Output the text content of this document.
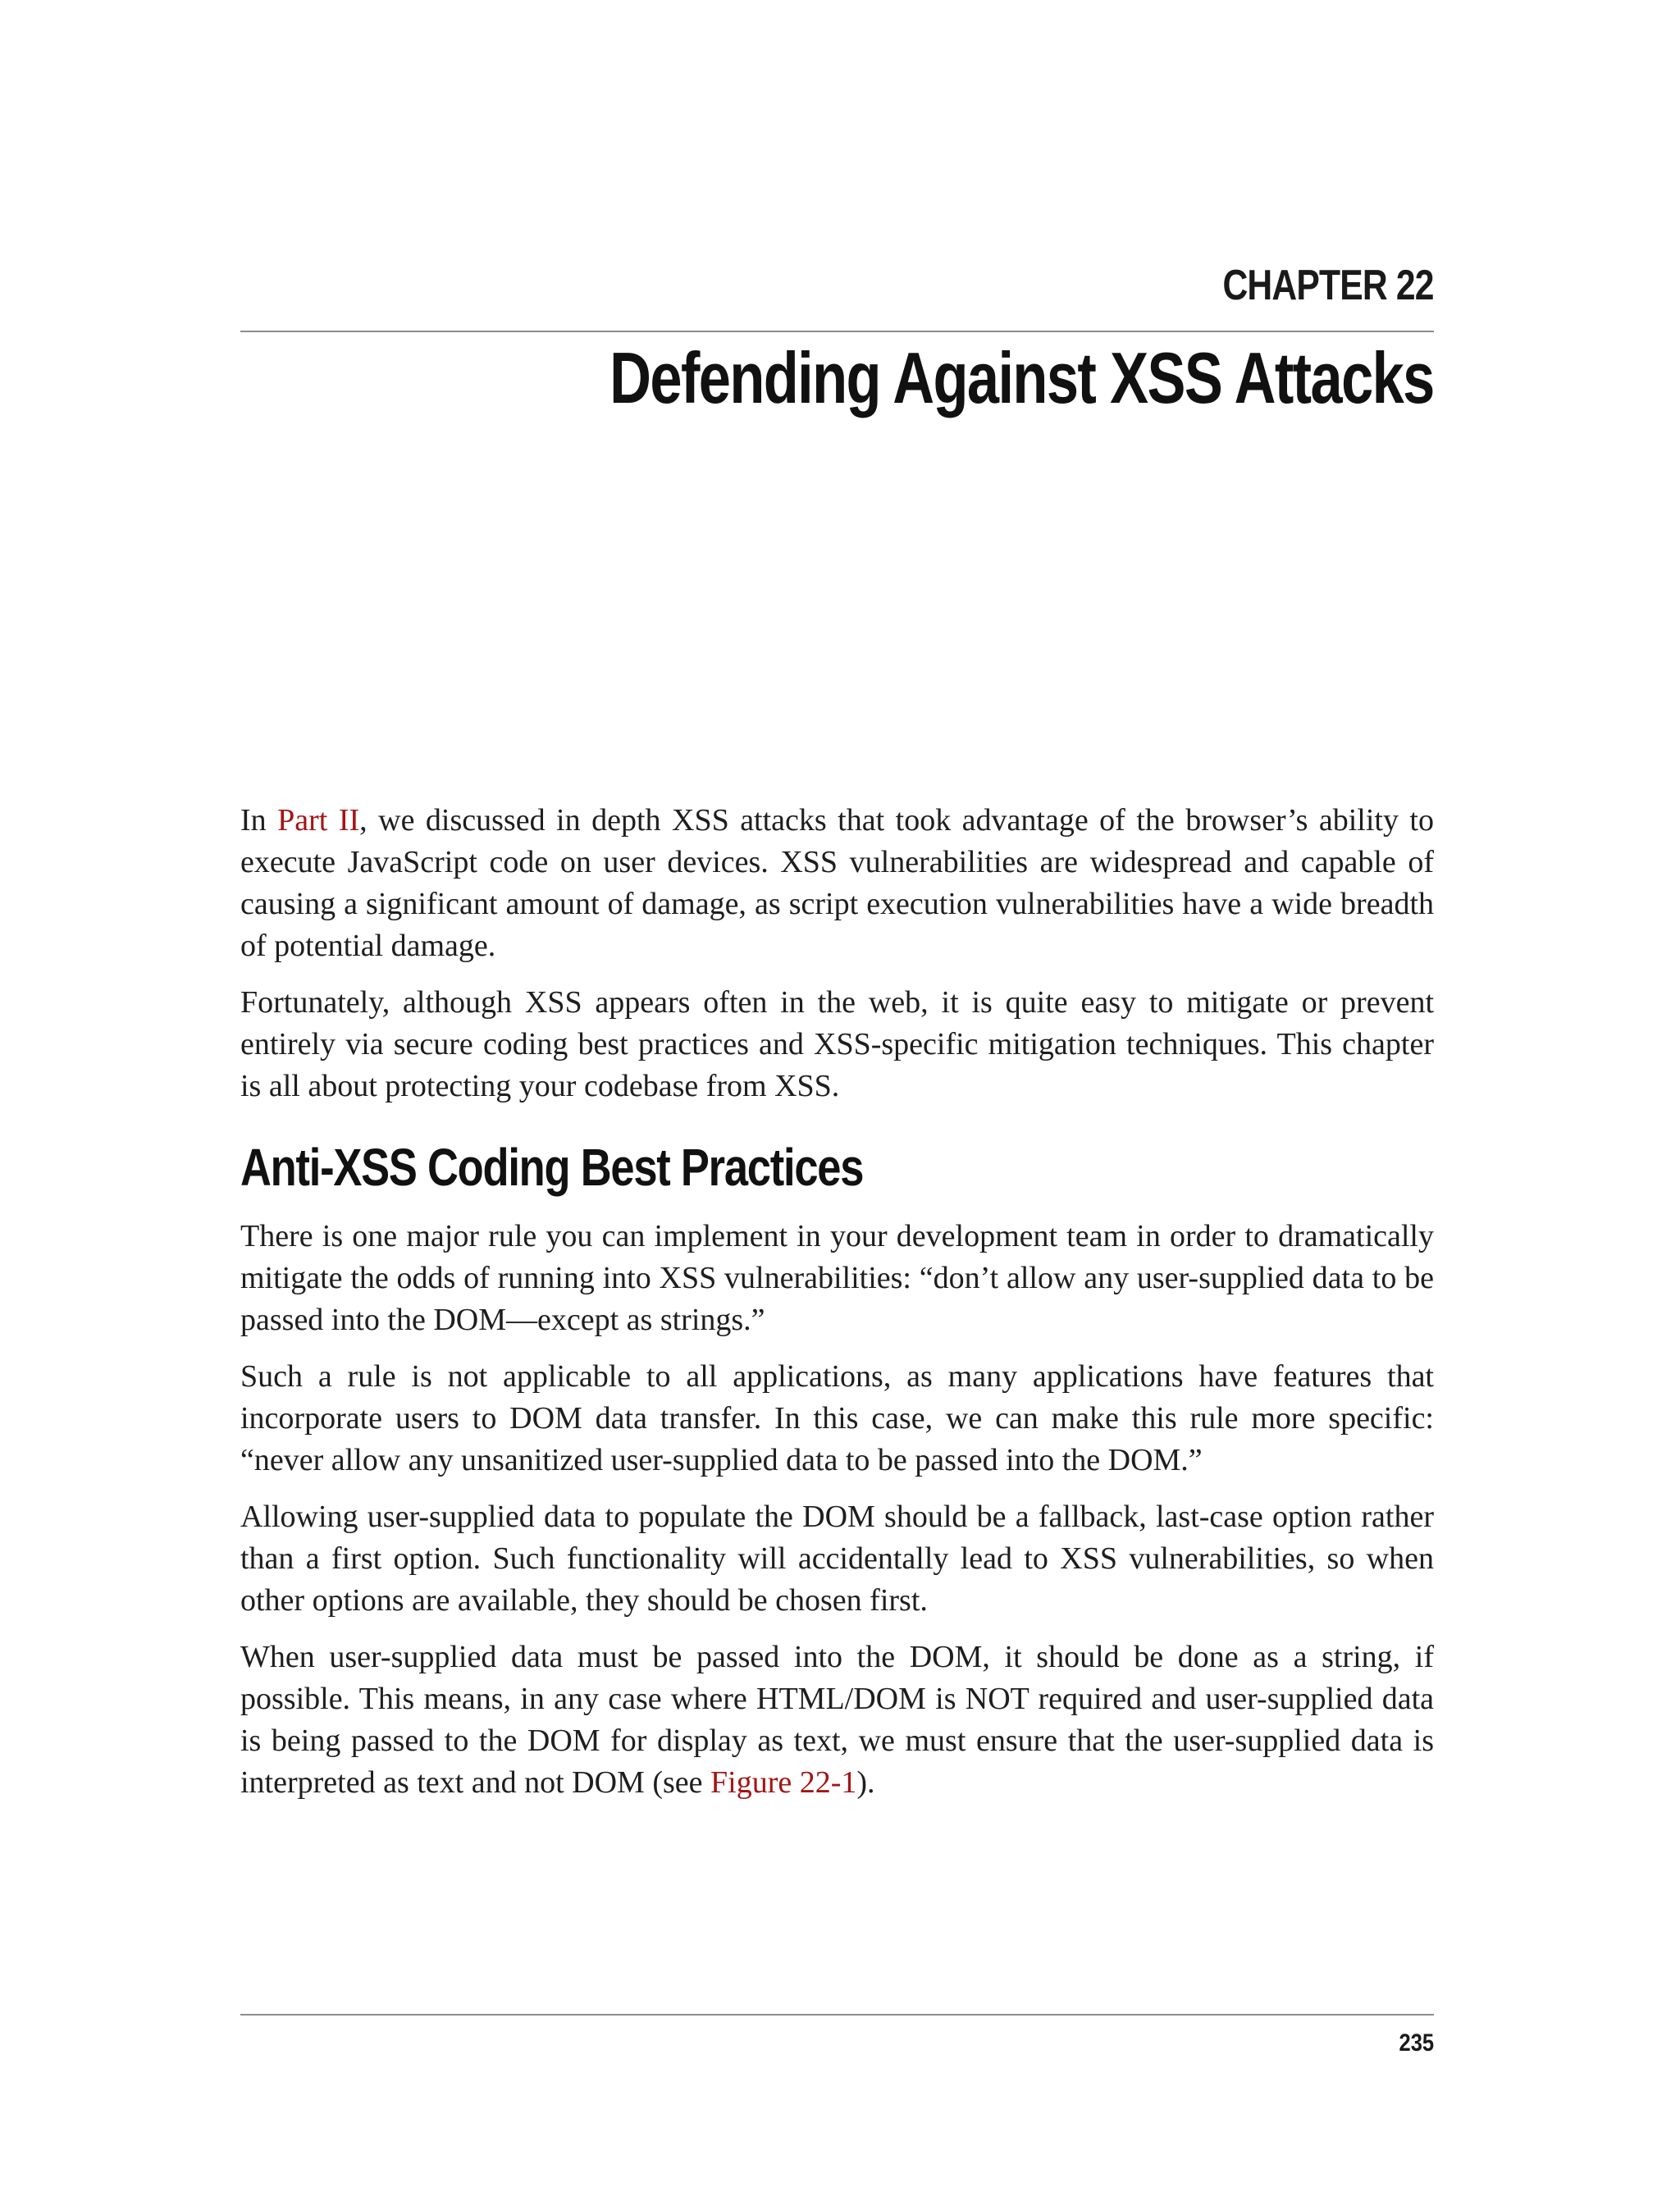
CHAPTER 22
Defending Against XSS Attacks

In Part II, we discussed in depth XSS attacks that took advantage of the browser’s ability to execute JavaScript code on user devices. XSS vulnerabilities are widespread and capable of causing a significant amount of damage, as script execution vulnerabilities have a wide breadth of potential damage.

Fortunately, although XSS appears often in the web, it is quite easy to mitigate or prevent entirely via secure coding best practices and XSS-specific mitigation techniques. This chapter is all about protecting your codebase from XSS.

Anti-XSS Coding Best Practices

There is one major rule you can implement in your development team in order to dramatically mitigate the odds of running into XSS vulnerabilities: “don’t allow any user-supplied data to be passed into the DOM—except as strings.”

Such a rule is not applicable to all applications, as many applications have features that incorporate users to DOM data transfer. In this case, we can make this rule more specific: “never allow any unsanitized user-supplied data to be passed into the DOM.”

Allowing user-supplied data to populate the DOM should be a fallback, last-case option rather than a first option. Such functionality will accidentally lead to XSS vulnerabilities, so when other options are available, they should be chosen first.

When user-supplied data must be passed into the DOM, it should be done as a string, if possible. This means, in any case where HTML/DOM is NOT required and user-supplied data is being passed to the DOM for display as text, we must ensure that the user-supplied data is interpreted as text and not DOM (see Figure 22-1).

235
